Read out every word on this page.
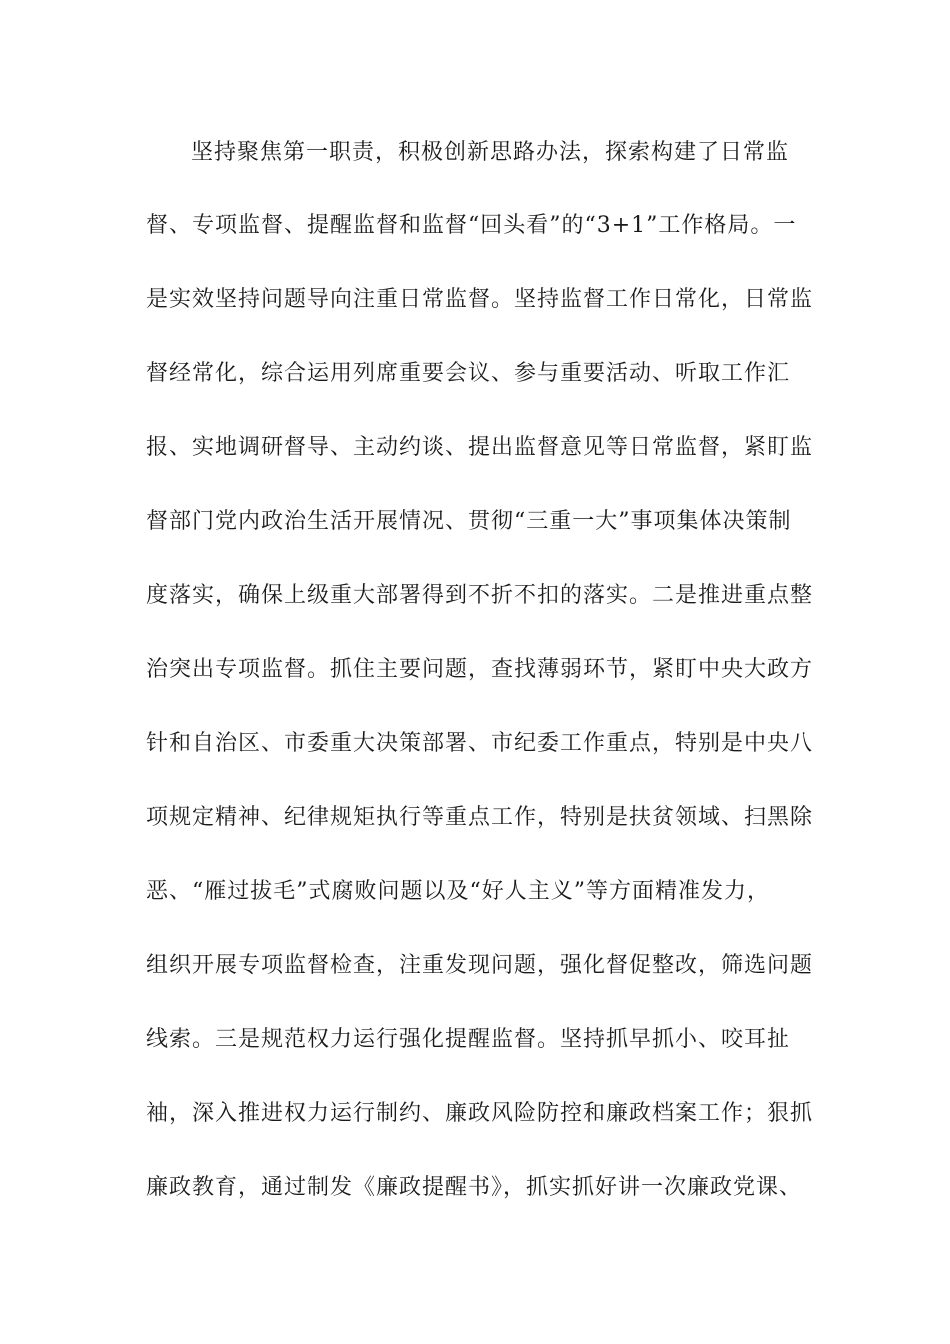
坚持聚焦第一职责，积极创新思路办法，探索构建了日常监
督、专项监督、提醒监督和监督“回头看”的“3+1”工作格局。一
是实效坚持问题导向注重日常监督。坚持监督工作日常化，日常监
督经常化，综合运用列席重要会议、参与重要活动、听取工作汇
报、实地调研督导、主动约谈、提出监督意见等日常监督，紧盯监
督部门党内政治生活开展情况、贯彻“三重一大”事项集体决策制
度落实，确保上级重大部署得到不折不扣的落实。二是推进重点整
治突出专项监督。抓住主要问题，查找薄弱环节，紧盯中央大政方
针和自治区、市委重大决策部署、市纪委工作重点，特别是中央八
项规定精神、纪律规矩执行等重点工作，特别是扶贫领域、扫黑除
恶、“雁过拔毛”式腐败问题以及“好人主义”等方面精准发力，
组织开展专项监督检查，注重发现问题，强化督促整改，筛选问题
线索。三是规范权力运行强化提醒监督。坚持抓早抓小、咬耳扯
袖，深入推进权力运行制约、廉政风险防控和廉政档案工作；狠抓
廉政教育，通过制发《廉政提醒书》，抓实抓好讲一次廉政党课、
